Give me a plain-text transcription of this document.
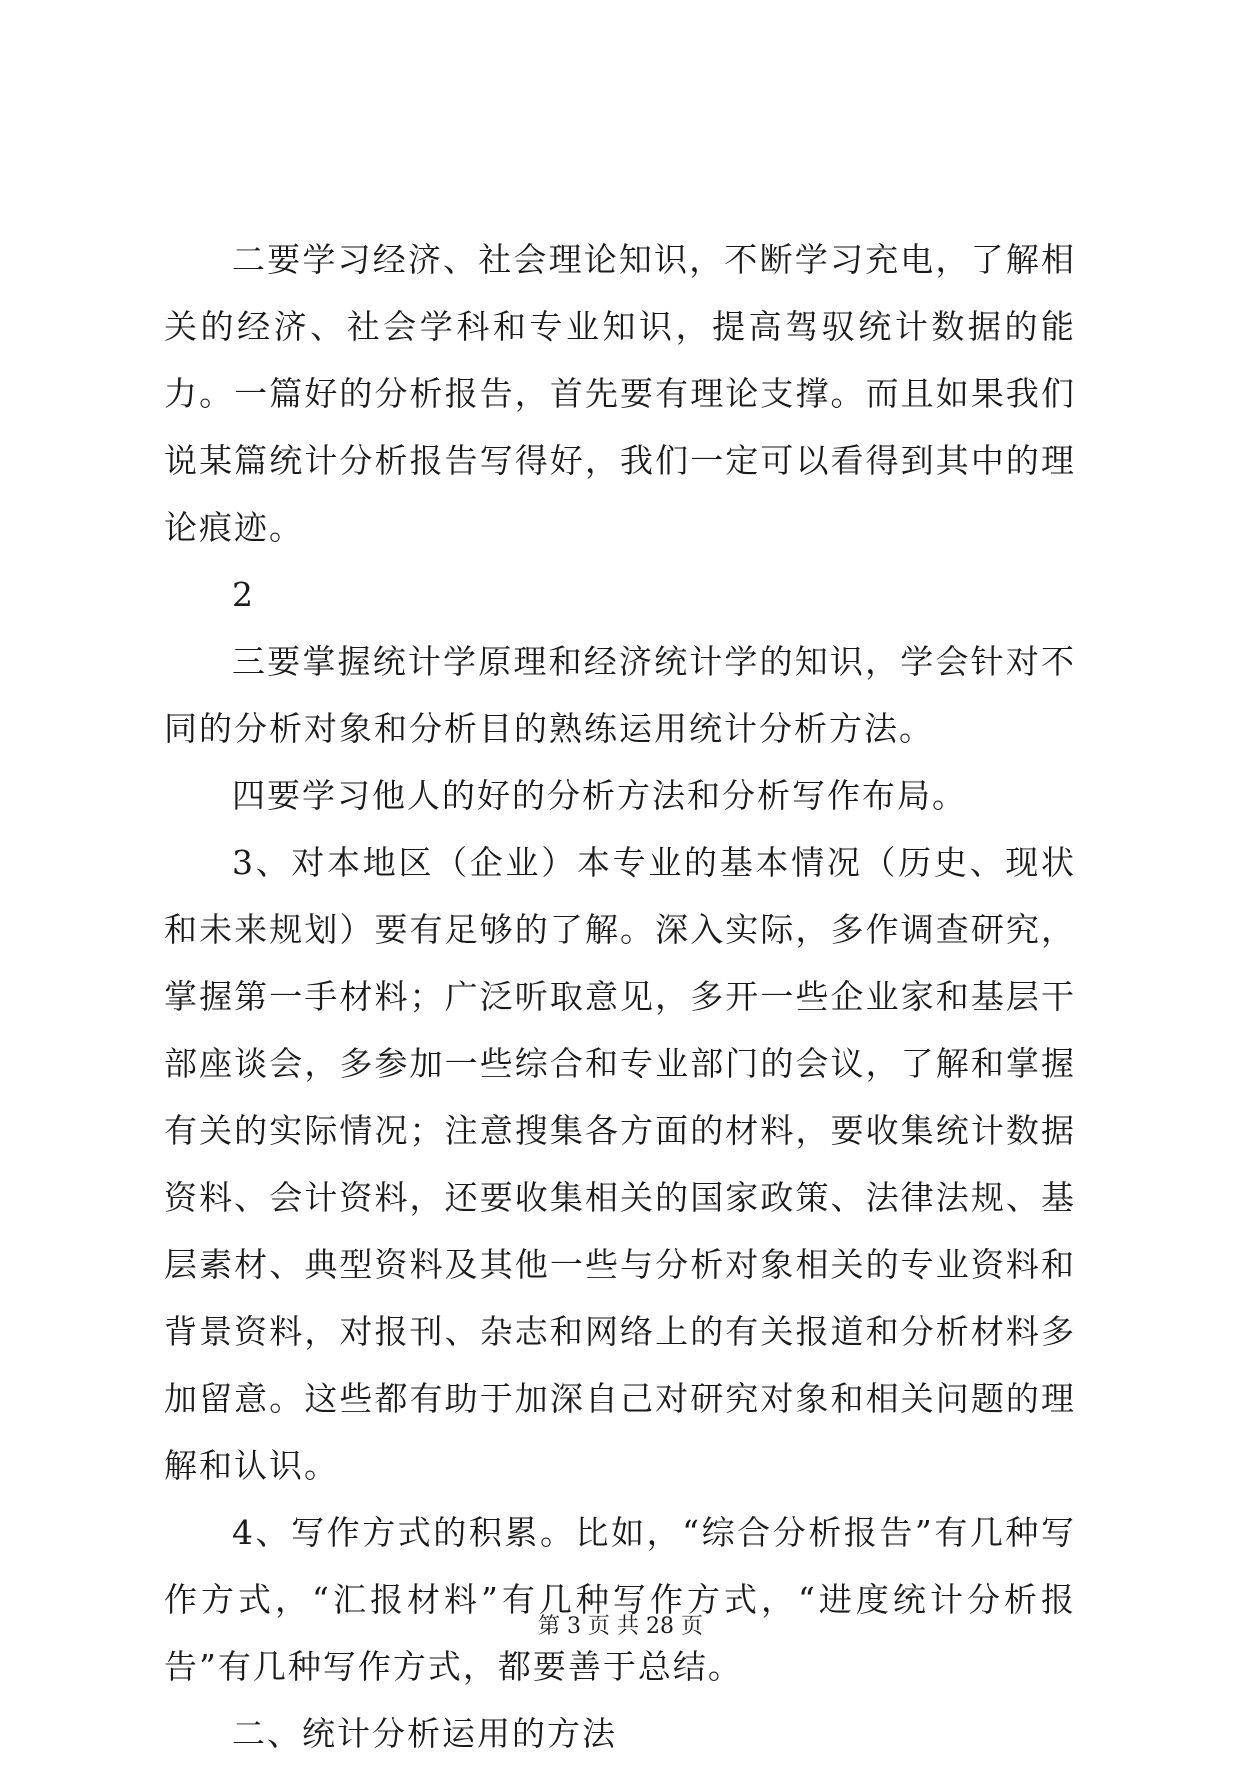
二要学习经济、社会理论知识，不断学习充电，了解相关的经济、社会学科和专业知识，提高驾驭统计数据的能力。一篇好的分析报告，首先要有理论支撑。而且如果我们说某篇统计分析报告写得好，我们一定可以看得到其中的理论痕迹。

2

三要掌握统计学原理和经济统计学的知识，学会针对不同的分析对象和分析目的熟练运用统计分析方法。

四要学习他人的好的分析方法和分析写作布局。

3、对本地区（企业）本专业的基本情况（历史、现状和未来规划）要有足够的了解。深入实际，多作调查研究，掌握第一手材料；广泛听取意见，多开一些企业家和基层干部座谈会，多参加一些综合和专业部门的会议，了解和掌握有关的实际情况；注意搜集各方面的材料，要收集统计数据资料、会计资料，还要收集相关的国家政策、法律法规、基层素材、典型资料及其他一些与分析对象相关的专业资料和背景资料，对报刊、杂志和网络上的有关报道和分析材料多加留意。这些都有助于加深自己对研究对象和相关问题的理解和认识。

4、写作方式的积累。比如，“综合分析报告”有几种写作方式，“汇报材料”有几种写作方式，“进度统计分析报告”有几种写作方式，都要善于总结。

二、统计分析运用的方法

第 3 页 共 28 页
